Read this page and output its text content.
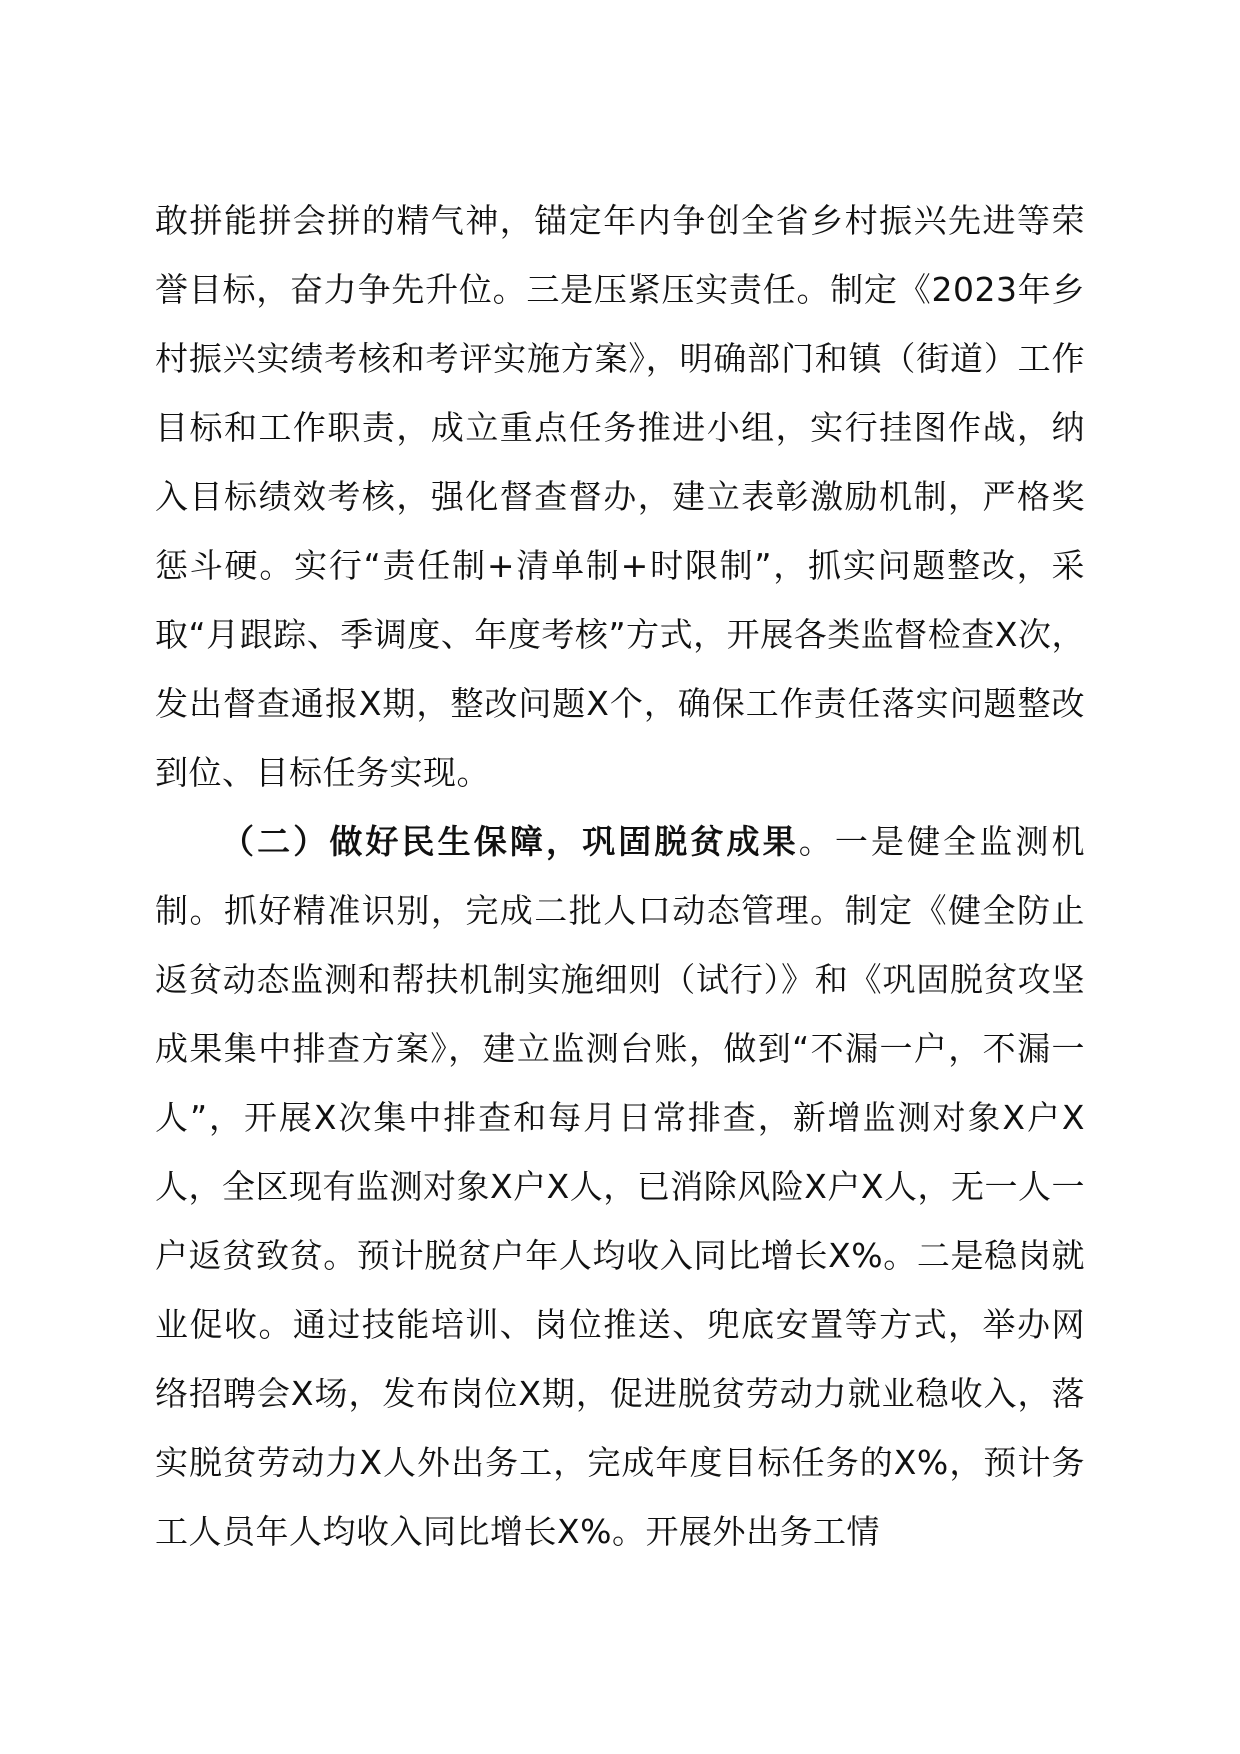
敢拼能拼会拼的精气神，锚定年内争创全省乡村振兴先进等荣誉目标，奋力争先升位。三是压紧压实责任。制定《2023年乡村振兴实绩考核和考评实施方案》，明确部门和镇（街道）工作目标和工作职责，成立重点任务推进小组，实行挂图作战，纳入目标绩效考核，强化督查督办，建立表彰激励机制，严格奖惩斗硬。实行“责任制+清单制+时限制”，抓实问题整改，采取“月跟踪、季调度、年度考核”方式，开展各类监督检查X次，发出督查通报X期，整改问题X个，确保工作责任落实问题整改到位、目标任务实现。

（二）做好民生保障，巩固脱贫成果。一是健全监测机制。抓好精准识别，完成二批人口动态管理。制定《健全防止返贫动态监测和帮扶机制实施细则（试行）》和《巩固脱贫攻坚成果集中排查方案》，建立监测台账，做到“不漏一户，不漏一人”，开展X次集中排查和每月日常排查，新增监测对象X户X人，全区现有监测对象X户X人，已消除风险X户X人，无一人一户返贫致贫。预计脱贫户年人均收入同比增长X%。二是稳岗就业促收。通过技能培训、岗位推送、兜底安置等方式，举办网络招聘会X场，发布岗位X期，促进脱贫劳动力就业稳收入，落实脱贫劳动力X人外出务工，完成年度目标任务的X%，预计务工人员年人均收入同比增长X%。开展外出务工情
